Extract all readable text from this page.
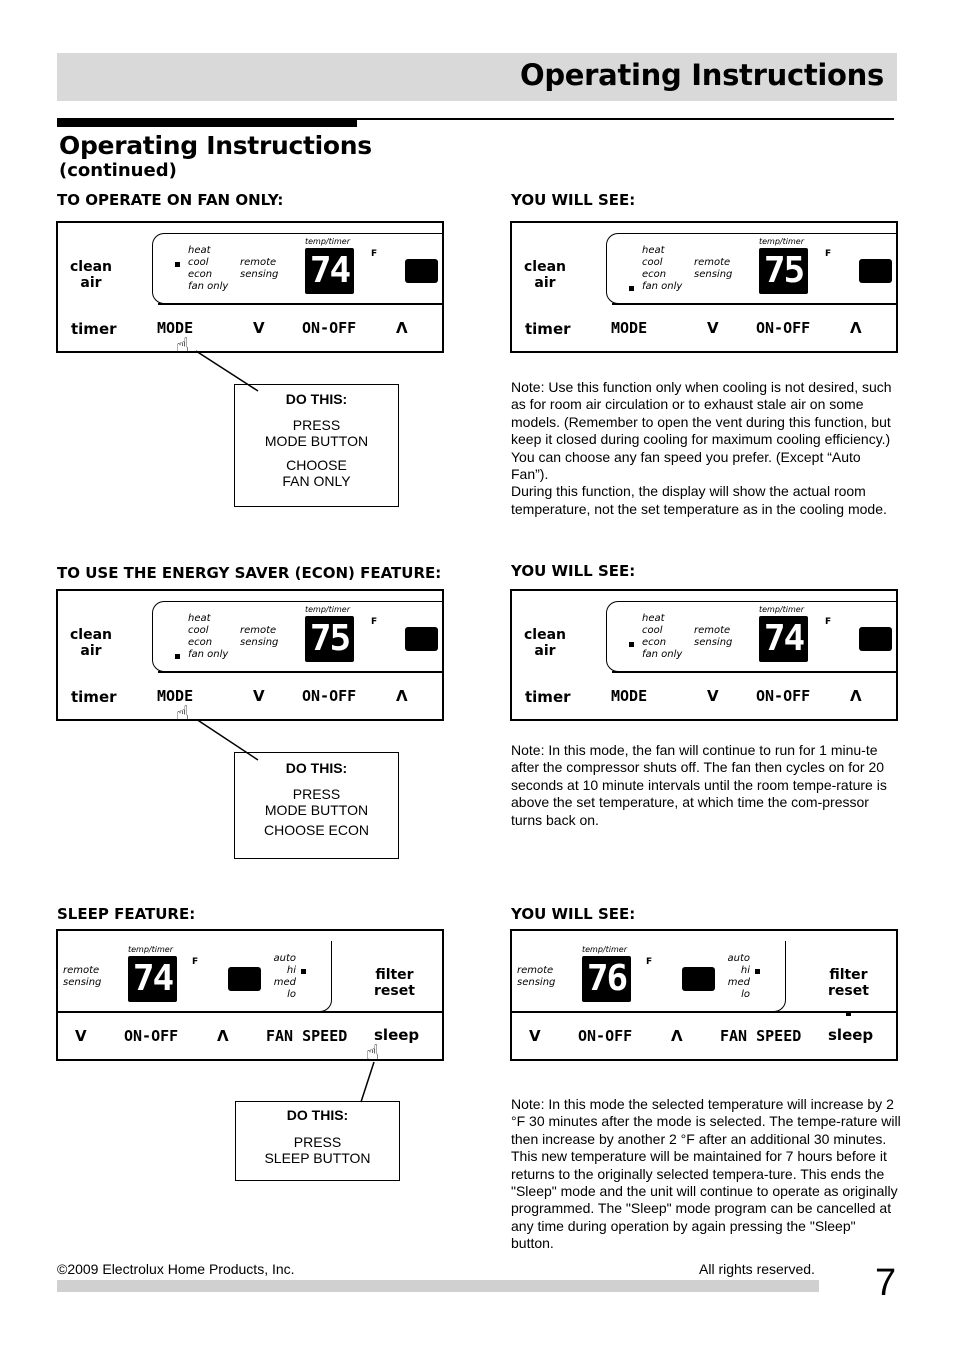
Operating Instructions
Operating Instructions
(continued)
TO OPERATE ON FAN ONLY:	YOU WILL SEE:
clean
air
heat
cool
econ
fan only
remote
sensing
temp/timer
74	F
timer	MODE	V ON-OFF	Λ
☝
DO THIS:
PRESS
MODE BUTTON
CHOOSE
FAN ONLY
clean
air
heat
cool
econ
fan only
remote
sensing
temp/timer
75	F
timer	MODE	V ON-OFF	Λ

Note: Use this function only when cooling is not desired, such as for room air circulation or to exhaust stale air on some models. (Remember to open the vent during this function, but keep it closed during cooling for maximum cooling efficiency.) You can choose any fan speed you prefer. (Except “Auto Fan”).

During this function, the display will show the actual room temperature, not the set temperature as in the cooling mode.

TO USE THE ENERGY SAVER (ECON) FEATURE:	YOU WILL SEE:
clean
air
heat
cool
econ
fan only
remote
sensing
temp/timer
75	F
timer	MODE	V ON-OFF	Λ
☝
DO THIS:
PRESS
MODE BUTTON
CHOOSE ECON
clean
air
heat
cool
econ
fan only
remote
sensing
temp/timer
74	F
timer	MODE	V ON-OFF	Λ
Note: In this mode, the fan will continue to run for 1 minu-te after the compressor shuts off. The fan then cycles on for 20 seconds at 10 minute intervals until the room tempe-rature is above the set temperature, at which time the com-pressor turns back on.
SLEEP FEATURE:	YOU WILL SEE:
remote
sensing
temp/timer
74	F	auto
hi
med
lo
filter
reset
V ON-OFF	Λ FAN SPEED sleep
☝
DO THIS:
PRESS
SLEEP BUTTON
remote
sensing
temp/timer
76	F	auto
hi
med
lo
filter
reset
V ON-OFF	Λ FAN SPEED sleep
Note: In this mode the selected temperature will increase by 2 °F 30 minutes after the mode is selected. The tempe-rature will then increase by another 2 °F after an additional 30 minutes. This new temperature will be maintained for 7 hours before it returns to the originally selected tempera-ture. This ends the "Sleep" mode and the unit will continue to operate as originally programmed. The "Sleep" mode program can be cancelled at any time during operation by again pressing the "Sleep" button.
©2009 Electrolux Home Products, Inc.	All rights reserved. 7
